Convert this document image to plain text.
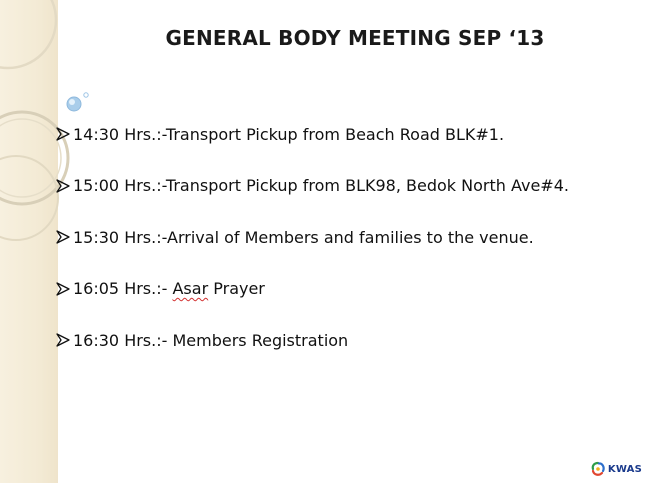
GENERAL BODY MEETING SEP ‘13
14:30 Hrs.:-Transport Pickup from Beach Road BLK#1.
15:00 Hrs.:-Transport Pickup from BLK98, Bedok North Ave#4.
15:30 Hrs.:-Arrival of Members and families to the venue.
16:05 Hrs.:- Asar Prayer
16:30 Hrs.:- Members Registration
KWAS
